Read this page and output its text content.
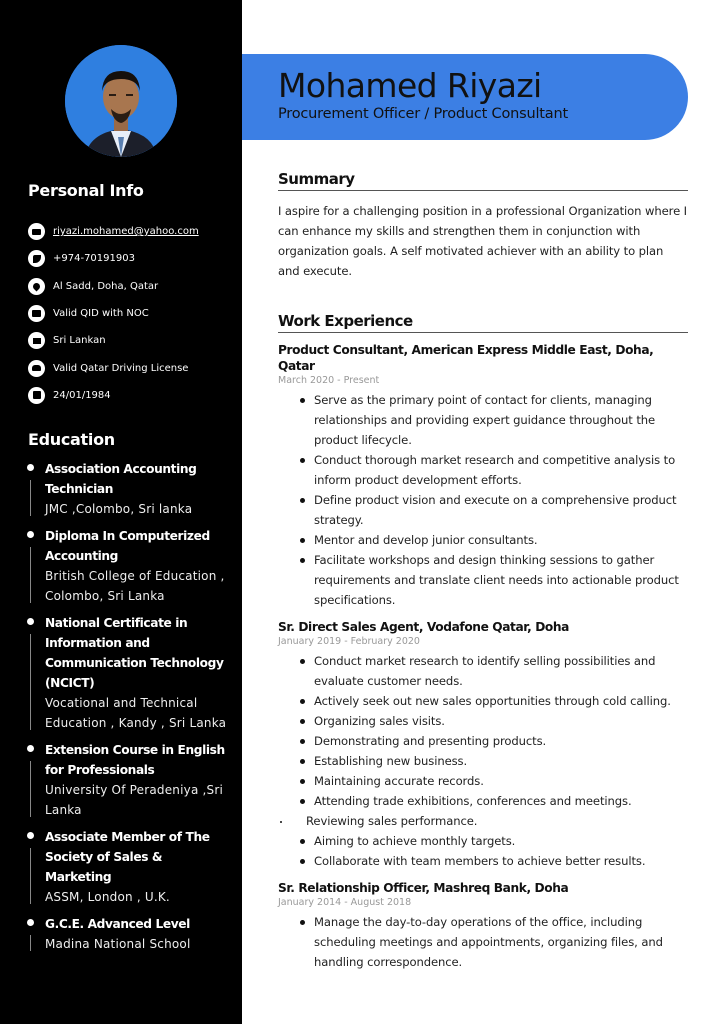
Personal Info
riyazi.mohamed@yahoo.com
+974-70191903
Al Sadd, Doha, Qatar
Valid QID with NOC
Sri Lankan
Valid Qatar Driving License
24/01/1984
Education
Association Accounting Technician
JMC ,Colombo, Sri lanka
Diploma In Computerized Accounting
British College of Education , Colombo, Sri Lanka
National Certificate in Information and Communication Technology (NCICT)
Vocational and Technical Education , Kandy , Sri Lanka
Extension Course in English for Professionals
University Of Peradeniya ,Sri Lanka
Associate Member of The Society of Sales & Marketing
ASSM, London , U.K.
G.C.E. Advanced Level
Madina National School
Mohamed Riyazi
Procurement Officer / Product Consultant
Summary
I aspire for a challenging position in a professional Organization where I can enhance my skills and strengthen them in conjunction with organization goals. A self motivated achiever with an ability to plan and execute.
Work Experience
Product Consultant, American Express Middle East, Doha, Qatar
March 2020 - Present
Serve as the primary point of contact for clients, managing relationships and providing expert guidance throughout the product lifecycle.
Conduct thorough market research and competitive analysis to inform product development efforts.
Define product vision and execute on a comprehensive product strategy.
Mentor and develop junior consultants.
Facilitate workshops and design thinking sessions to gather requirements and translate client needs into actionable product specifications.
Sr. Direct Sales Agent, Vodafone Qatar, Doha
January 2019 - February 2020
Conduct market research to identify selling possibilities and evaluate customer needs.
Actively seek out new sales opportunities through cold calling.
Organizing sales visits.
Demonstrating and presenting products.
Establishing new business.
Maintaining accurate records.
Attending trade exhibitions, conferences and meetings.
Reviewing sales performance.
Aiming to achieve monthly targets.
Collaborate with team members to achieve better results.
Sr. Relationship Officer, Mashreq Bank, Doha
January 2014 - August 2018
Manage the day-to-day operations of the office, including scheduling meetings and appointments, organizing files, and handling correspondence.
